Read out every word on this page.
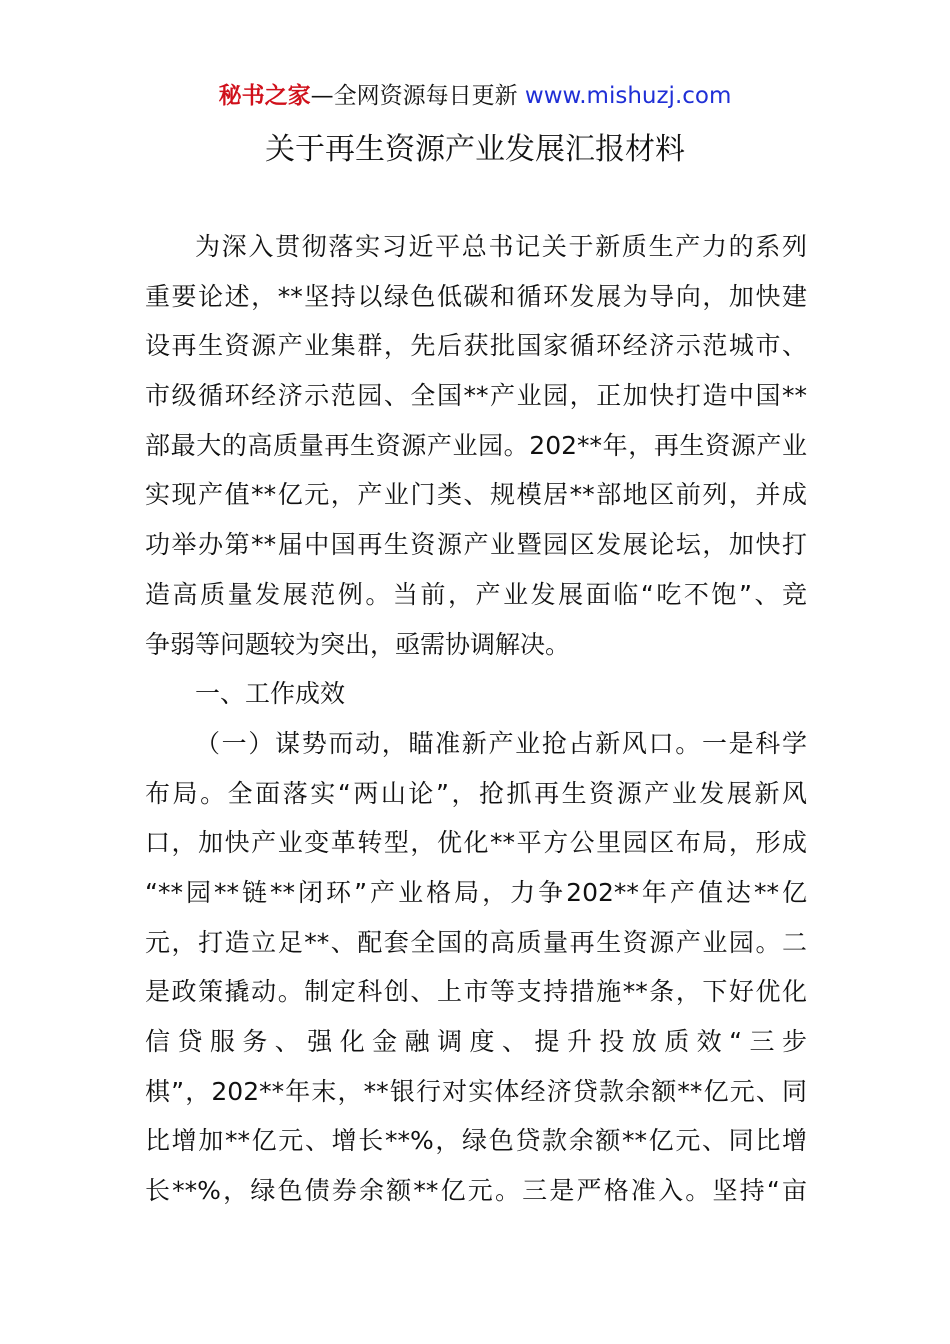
秘书之家—全网资源每日更新 www.mishuzj.com
关于再生资源产业发展汇报材料

为深入贯彻落实习近平总书记关于新质生产力的系列

重要论述，**坚持以绿色低碳和循环发展为导向，加快建

设再生资源产业集群，先后获批国家循环经济示范城市、

市级循环经济示范园、全国**产业园，正加快打造中国**

部最大的高质量再生资源产业园。202**年，再生资源产业

实现产值**亿元，产业门类、规模居**部地区前列，并成

功举办第**届中国再生资源产业暨园区发展论坛，加快打

造高质量发展范例。当前，产业发展面临“吃不饱”、竞

争弱等问题较为突出，亟需协调解决。

一、工作成效

（一）谋势而动，瞄准新产业抢占新风口。一是科学

布局。全面落实“两山论”，抢抓再生资源产业发展新风

口，加快产业变革转型，优化**平方公里园区布局，形成

“**园**链**闭环”产业格局，力争202**年产值达**亿

元，打造立足**、配套全国的高质量再生资源产业园。二

是政策撬动。制定科创、上市等支持措施**条，下好优化

信贷服务、强化金融调度、提升投放质效“三步

棋”，202**年末，**银行对实体经济贷款余额**亿元、同

比增加**亿元、增长**%，绿色贷款余额**亿元、同比增

长**%，绿色债券余额**亿元。三是严格准入。坚持“亩
